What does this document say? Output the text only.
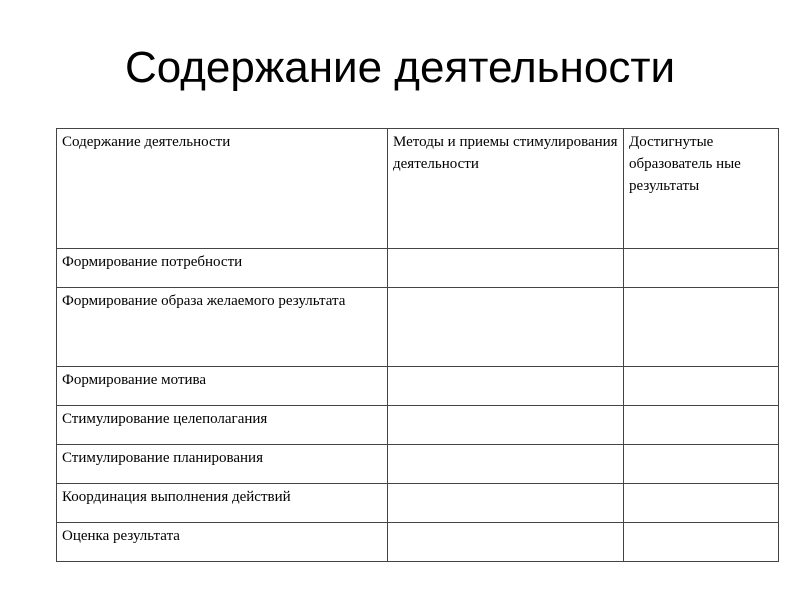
Содержание деятельности
Содержание деятельности	Методы и приемы стимулирования деятельности	Достигнутые образователь ные результаты
Формирование потребности		
Формирование образа желаемого результата		
Формирование мотива		
Стимулирование целеполагания		
Стимулирование планирования		
Координация выполнения действий		
Оценка результата		
